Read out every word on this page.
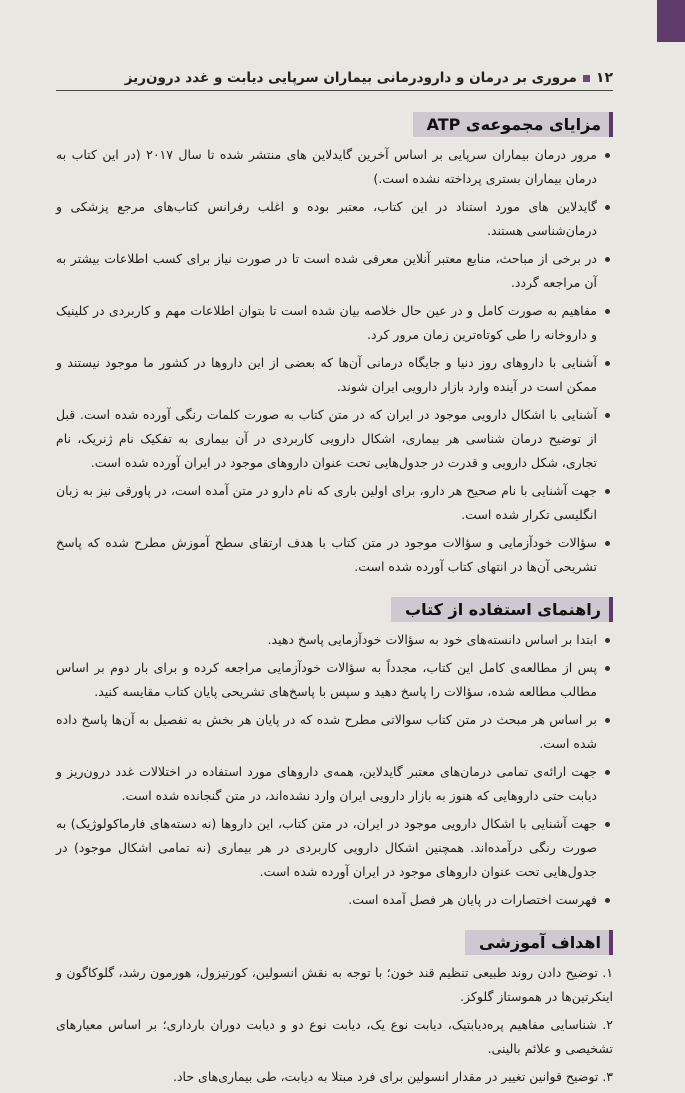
۱۲
مروری بر درمان و دارودرمانی بیماران سرپایی دیابت و غدد درون‌ریز
مزایای مجموعه‌ی ATP
مرور درمان بیماران سرپایی بر اساس آخرین گایدلاین های منتشر شده تا سال ۲۰۱۷ (در این کتاب به درمان بیماران بستری پرداخته نشده است.)
گایدلاین های مورد استناد در این کتاب، معتبر بوده و اغلب رفرانس کتاب‌های مرجع پزشکی و درمان‌شناسی هستند.
در برخی از مباحث، منابع معتبر آنلاین معرفی شده است تا در صورت نیاز برای کسب اطلاعات بیشتر به آن مراجعه گردد.
مفاهیم به صورت کامل و در عین حال خلاصه بیان شده است تا بتوان اطلاعات مهم و کاربردی در کلینیک و داروخانه را طی کوتاه‌ترین زمان مرور کرد.
آشنایی با داروهای روز دنیا و جایگاه درمانی آن‌ها که بعضی از این داروها در کشور ما موجود نیستند و ممکن است در آینده وارد بازار دارویی ایران شوند.
آشنایی با اشکال دارویی موجود در ایران که در متن کتاب به صورت کلمات رنگی آورده شده است. قبل از توضیح درمان شناسی هر بیماری، اشکال دارویی کاربردی در آن بیماری به تفکیک نام ژنریک، نام تجاری، شکل دارویی و قدرت در جدول‌هایی تحت عنوان داروهای موجود در ایران آورده شده است.
جهت آشنایی با نام صحیح هر دارو، برای اولین باری که نام دارو در متن آمده است، در پاورقی نیز به زبان انگلیسی تکرار شده است.
سؤالات خودآزمایی و سؤالات موجود در متن کتاب با هدف ارتقای سطح آموزش مطرح شده که پاسخ تشریحی آن‌ها در انتهای کتاب آورده شده است.
راهنمای استفاده از کتاب
ابتدا بر اساس دانسته‌های خود به سؤالات خودآزمایی پاسخ دهید.
پس از مطالعه‌ی کامل این کتاب، مجدداً به سؤالات خودآزمایی مراجعه کرده و برای بار دوم بر اساس مطالب مطالعه شده، سؤالات را پاسخ دهید و سپس با پاسخ‌های تشریحی پایان کتاب مقایسه کنید.
بر اساس هر مبحث در متن کتاب سوالاتی مطرح شده که در پایان هر بخش به تفصیل به آن‌ها پاسخ داده شده است.
جهت ارائه‌ی تمامی درمان‌های معتبر گایدلاین، همه‌ی داروهای مورد استفاده در اختلالات غدد درون‌ریز و دیابت حتی داروهایی که هنوز به بازار دارویی ایران وارد نشده‌اند، در متن گنجانده شده است.
جهت آشنایی با اشکال دارویی موجود در ایران، در متن کتاب، این داروها (نه دسته‌های فارماکولوژیک) به صورت رنگی درآمده‌اند. همچنین اشکال دارویی کاربردی در هر بیماری (نه تمامی اشکال موجود) در جدول‌هایی تحت عنوان داروهای موجود در ایران آورده شده است.
فهرست اختصارات در پایان هر فصل آمده است.
اهداف آموزشی
۱. توضیح دادن روند طبیعی تنظیم قند خون؛ با توجه به نقش انسولین، کورتیزول، هورمون رشد، گلوکاگون و اینکرتین‌ها در هموستاز گلوکز.
۲. شناسایی مفاهیم پره‌دیابتیک، دیابت نوع یک، دیابت نوع دو و دیابت دوران بارداری؛ بر اساس معیارهای تشخیصی و علائم بالینی.
۳. توضیح قوانین تغییر در مقدار انسولین برای فرد مبتلا به دیابت، طی بیماری‌های حاد.
